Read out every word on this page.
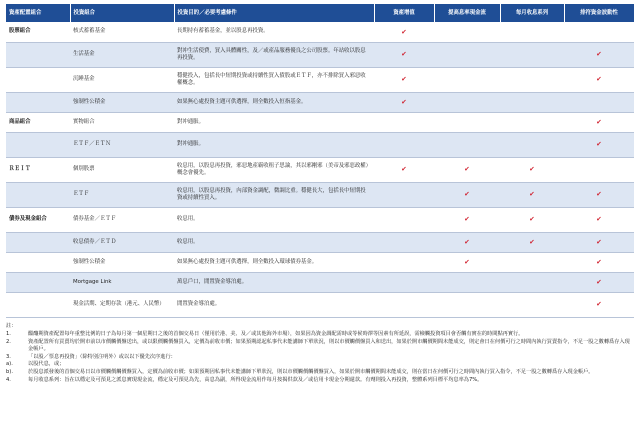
資產配置組合	投資組合	投資目的／必要考慮條件	資產增值	提高息率現金流	每月收息系列	排符資金波動性
股票組合	核式蓄蓄基金	長期持有蓄蓄基金，並以股息再投資。	✔			
	生活基金	對冲生活使費，買入具體關性，及／或產品服務優良之公司股票。年站收以股息再投資。	✔			✔
	沉睡基金	穩健投入，包括長中短期投資或持續性買入債股或ＥＴＦ，亦不排除買入邪惡收權概念。	✔			✔
	強制性公積金	如果無心處投資主題可供選擇，則全數投入恒指基金。	✔			
商品組合	實物組合	對冲通脹。				✔
	ＥＴＦ／ＥＴＮ	對冲通脹。				✔
ＲＥＩＴ	個別股票	收息用，以股息再投資，邪惡地產霸收租子思論，其以邪剛邪（美帝及邪惡政權）概念會優先。	✔	✔	✔	
	ＥＴＦ	收息用，以股息再投資，內部資金調配，微調比重。穩健長大，包括長中短期投資或持續性買入。		✔	✔	✔
債券及現金組合	債券基金／ＥＴＦ	收息用。		✔	✔	✔
	收息債券／ＥＴＤ	收息用。		✔	✔	✔
	強制性公積金	如果無心處投資主題可供選擇，則全數投入環球債券基金。		✔		✔
	Mortgage Link	萬息戶口，閒置資金導泊處。				✔
	現金活期、定期存款（港元、人民幣）	閒置資金導泊處。				✔
註：
1.	醞釀期資產配置每年重整比例的日子為每月第一個星期日之後的首個交易日（僅用於港、美、及／或其他海外市場），如果因為資金調配需時或等候時澤等因素有所延誤，需檢觸投資項目會否觸有實在的時間點再實行。
2.	資產配置所有買賣均於開市前以市價觸價盤送出，或以限價觸價盤買入，定價為前收市價；如果預期認起私事代未能講師下單狀況，則以市價觸價盤買入和送出，如果於開市觸價期間未能成交，則定會日在何價可行之時間內執行買賣指令，不足一股之數轉爲存入現金帳戶。
3.	「以股／票息再投資」（除特別注明外）或以以下優先次序進行：
a).	以股代息，或；
b).	於股息派發後的首個交易日以市價觸價觸價盤買入，定價為前收市價；如果預期因私事代未能講師下單狀況，則以市價觸價觸價盤買入，如果於開市觸價期間未能成交，則在當日在何價可行之時間內執行買入指令，不足一股之數轉爲存入現金帳戶。
4.	每月收息系列：旨在以穩定及可預見之派息實現現金流，穩定及可預見為先，高息為副，所得現金流用作每月按揭供款及／或信用卡現金分期還款。有劑則投入再投資，整體系列目標平均息率為7%。
